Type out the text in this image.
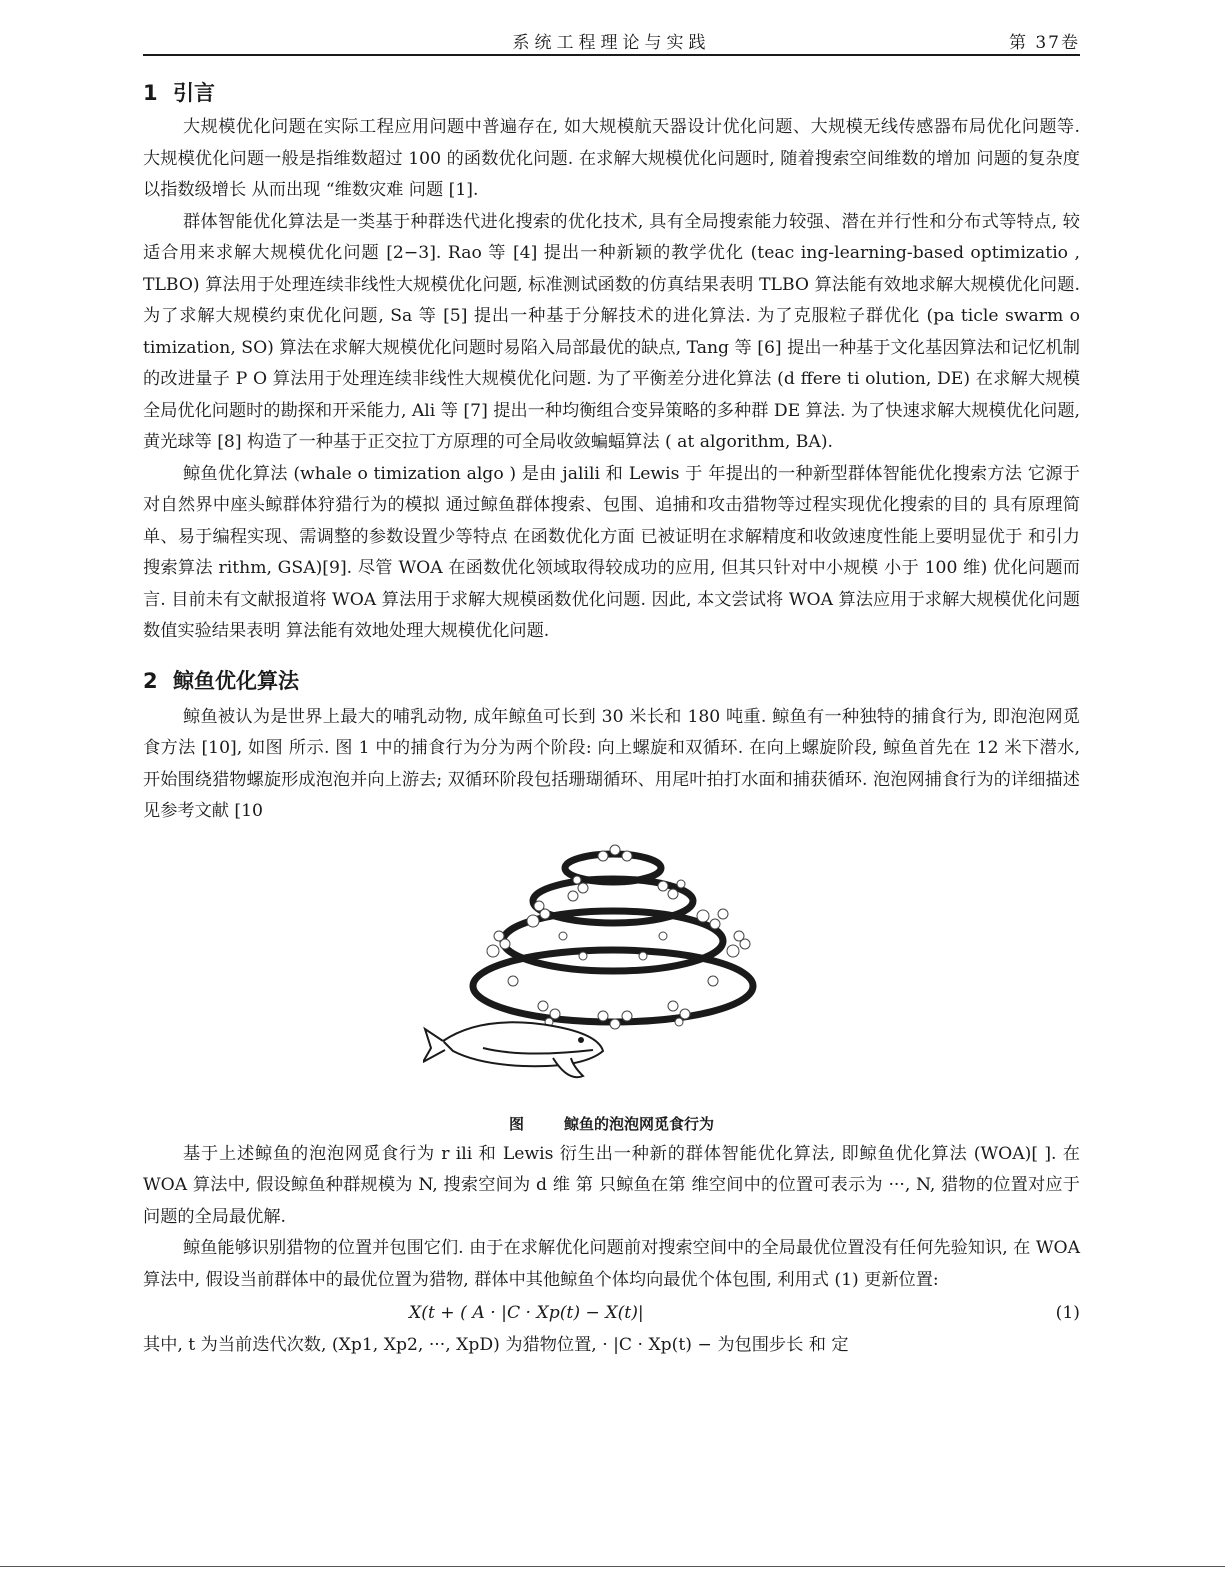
系统工程理论与实践	第 37卷
1 引言

大规模优化问题在实际工程应用问题中普遍存在, 如大规模航天器设计优化问题、大规模无线传感器布局优化问题等. 大规模优化问题一般是指维数超过 100 的函数优化问题. 在求解大规模优化问题时, 随着搜索空间维数的增加 问题的复杂度以指数级增长 从而出现 “维数灾难 问题 [1].

群体智能优化算法是一类基于种群迭代进化搜索的优化技术, 具有全局搜索能力较强、潜在并行性和分布式等特点, 较适合用来求解大规模优化问题 [2−3]. Rao 等 [4] 提出一种新颖的教学优化 (teac ing-learning-based optimizatio , TLBO) 算法用于处理连续非线性大规模优化问题, 标准测试函数的仿真结果表明 TLBO 算法能有效地求解大规模优化问题. 为了求解大规模约束优化问题, Sa 等 [5] 提出一种基于分解技术的进化算法. 为了克服粒子群优化 (pa ticle swarm o timization, SO) 算法在求解大规模优化问题时易陷入局部最优的缺点, Tang 等 [6] 提出一种基于文化基因算法和记忆机制的改进量子 P O 算法用于处理连续非线性大规模优化问题. 为了平衡差分进化算法 (d ffere ti olution, DE) 在求解大规模全局优化问题时的勘探和开采能力, Ali 等 [7] 提出一种均衡组合变异策略的多种群 DE 算法. 为了快速求解大规模优化问题, 黄光球等 [8] 构造了一种基于正交拉丁方原理的可全局收敛蝙蝠算法 ( at algorithm, BA).

鲸鱼优化算法 (whale o timization algo ) 是由 jalili 和 Lewis 于 年提出的一种新型群体智能优化搜索方法 它源于对自然界中座头鲸群体狩猎行为的模拟 通过鲸鱼群体搜索、包围、追捕和攻击猎物等过程实现优化搜索的目的 具有原理简单、易于编程实现、需调整的参数设置少等特点 在函数优化方面 已被证明在求解精度和收敛速度性能上要明显优于 和引力搜索算法 rithm, GSA)[9]. 尽管 WOA 在函数优化领域取得较成功的应用, 但其只针对中小规模 小于 100 维) 优化问题而言. 目前未有文献报道将 WOA 算法用于求解大规模函数优化问题. 因此, 本文尝试将 WOA 算法应用于求解大规模优化问题 数值实验结果表明 算法能有效地处理大规模优化问题.

2 鲸鱼优化算法

鲸鱼被认为是世界上最大的哺乳动物, 成年鲸鱼可长到 30 米长和 180 吨重. 鲸鱼有一种独特的捕食行为, 即泡泡网觅食方法 [10], 如图 所示. 图 1 中的捕食行为分为两个阶段: 向上螺旋和双循环. 在向上螺旋阶段, 鲸鱼首先在 12 米下潜水, 开始围绕猎物螺旋形成泡泡并向上游去; 双循环阶段包括珊瑚循环、用尾叶拍打水面和捕获循环. 泡泡网捕食行为的详细描述见参考文献 [10

图	鲸鱼的泡泡网觅食行为

基于上述鲸鱼的泡泡网觅食行为 r ili 和 Lewis 衍生出一种新的群体智能优化算法, 即鲸鱼优化算法 (WOA)[ ]. 在 WOA 算法中, 假设鲸鱼种群规模为 N, 搜索空间为 d 维 第 只鲸鱼在第 维空间中的位置可表示为 ···, N, 猎物的位置对应于问题的全局最优解.

鲸鱼能够识别猎物的位置并包围它们. 由于在求解优化问题前对搜索空间中的全局最优位置没有任何先验知识, 在 WOA 算法中, 假设当前群体中的最优位置为猎物, 群体中其他鲸鱼个体均向最优个体包围, 利用式 (1) 更新位置:

X(t + ( A · |C · Xp(t) − X(t)|	(1)

其中, t 为当前迭代次数, (Xp1, Xp2, ···, XpD) 为猎物位置, · |C · Xp(t) − 为包围步长 和 定
